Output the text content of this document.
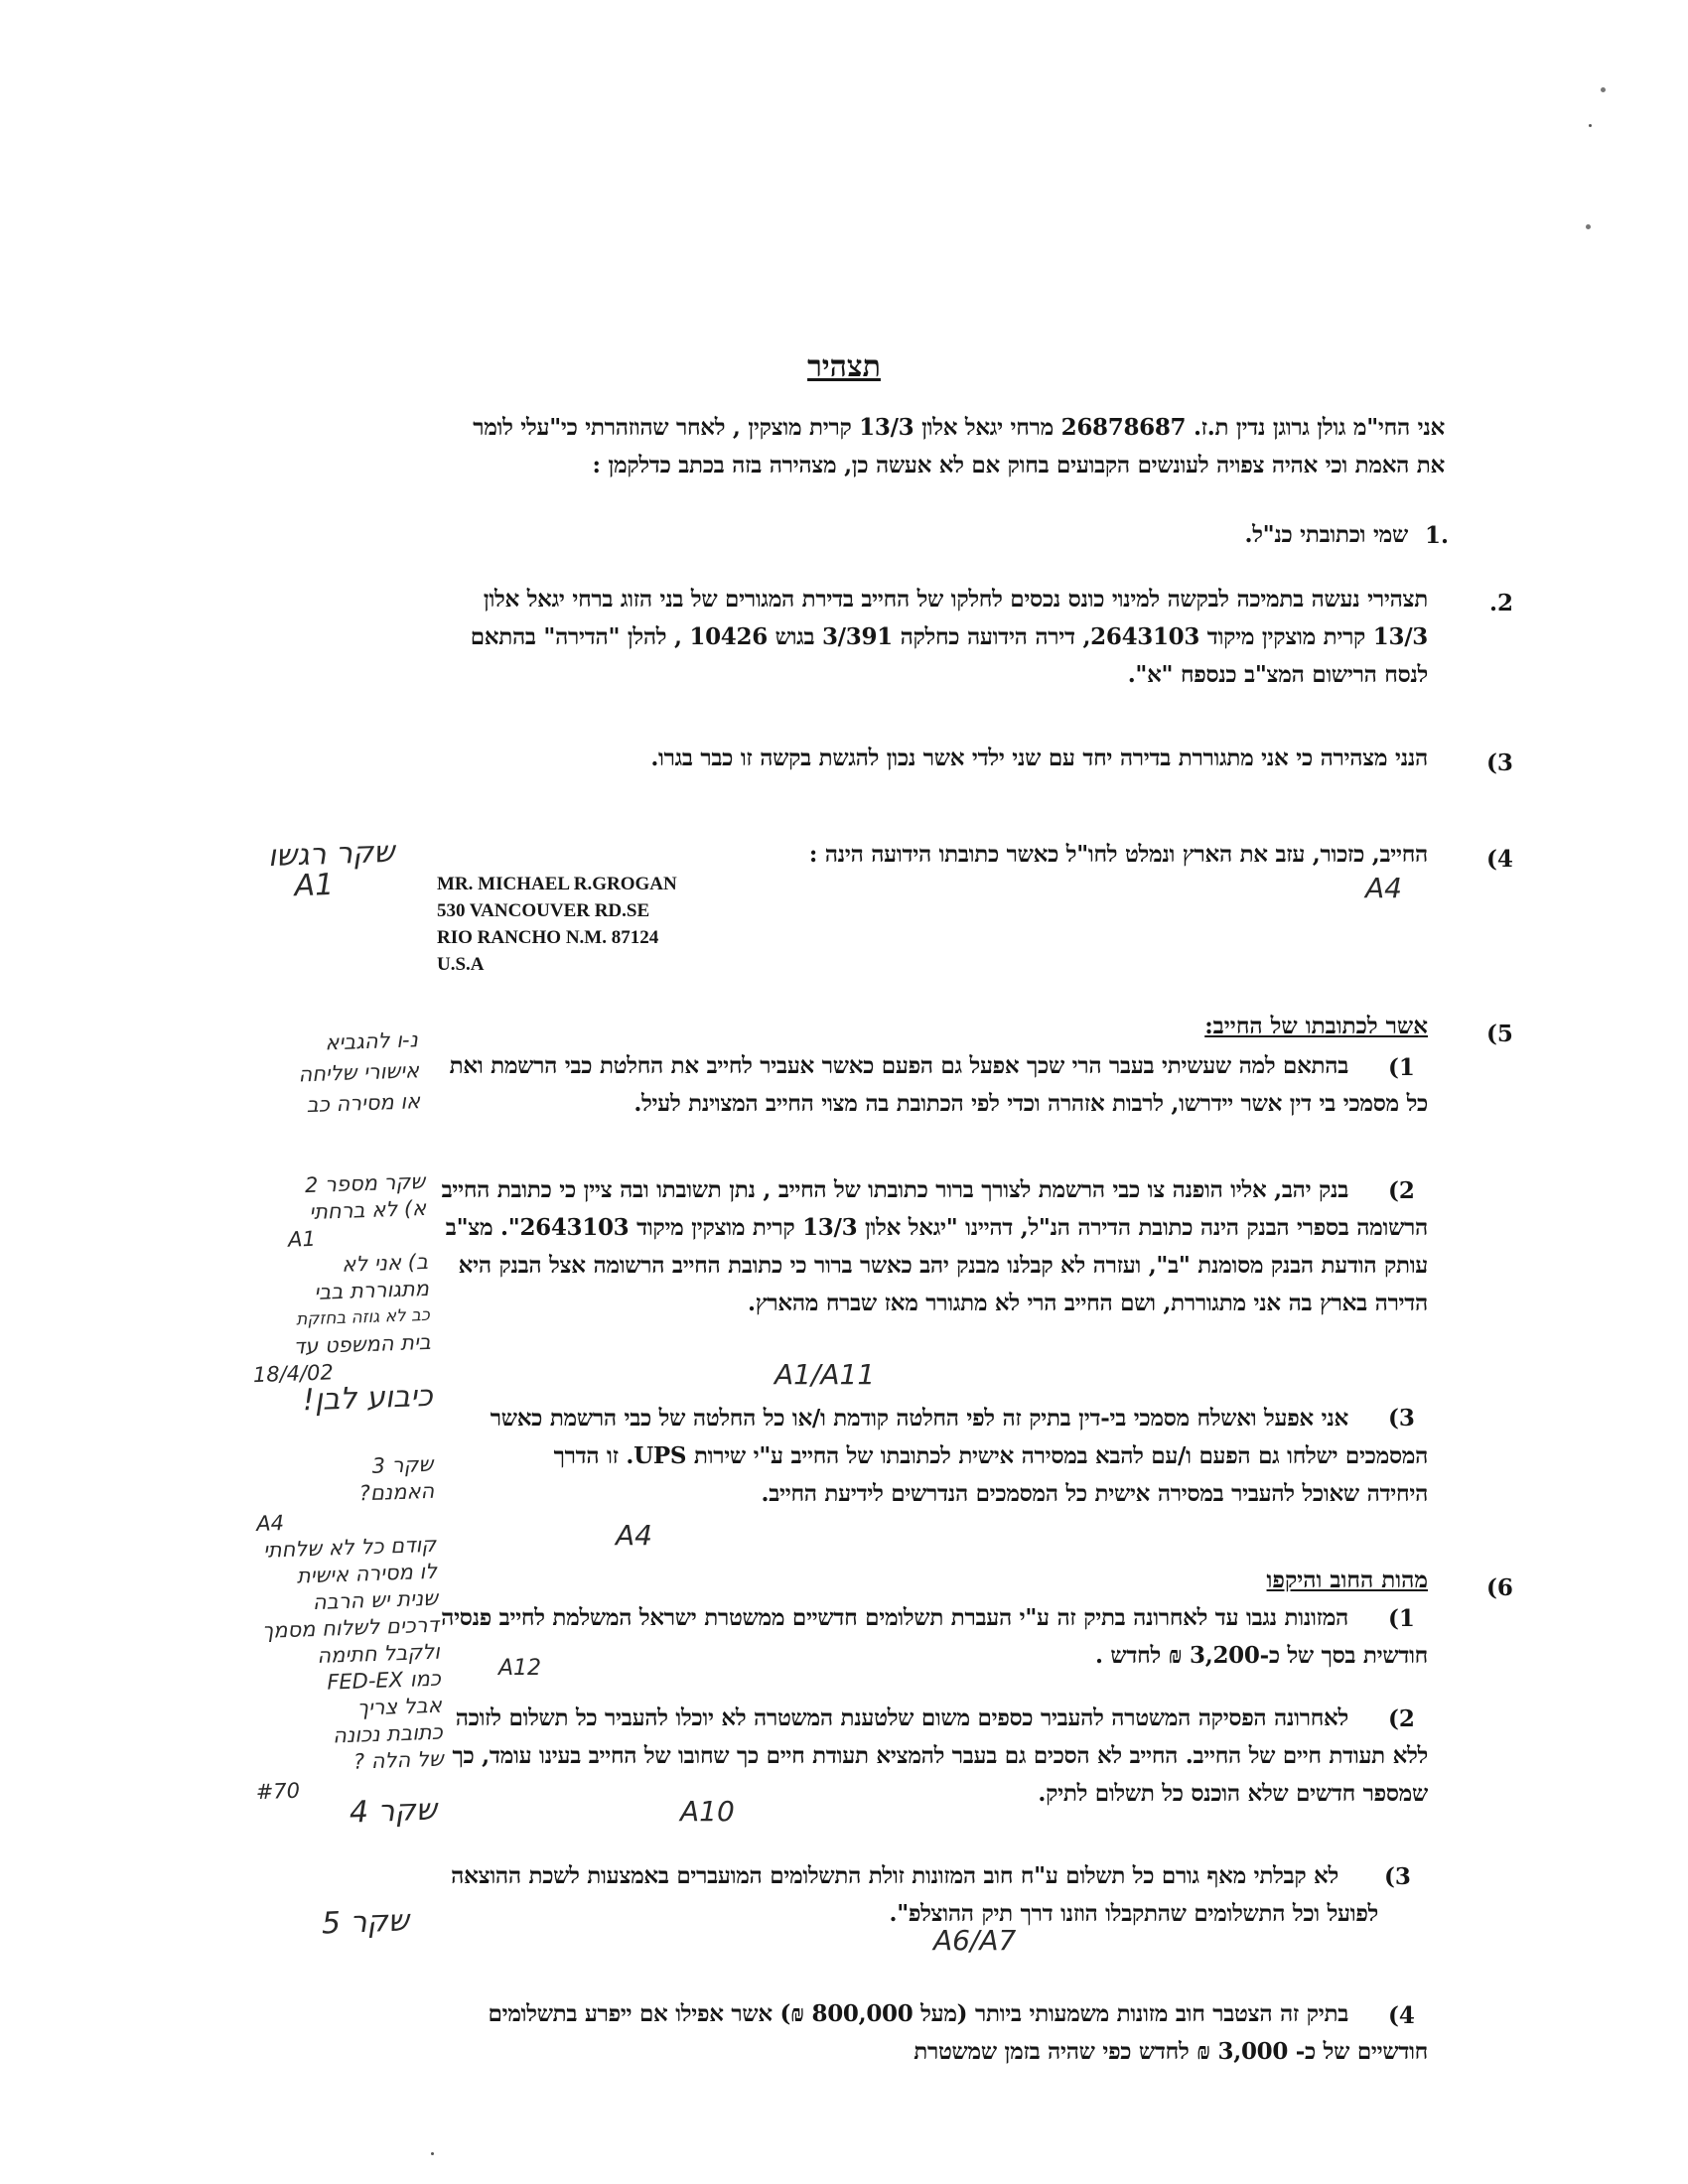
תצהיר
אני החי"מ גולן גרוגן נדין ת.ז. 26878687 מרחי יגאל אלון 13/3 קרית מוצקין , לאחר שהוזהרתי כי"עלי לומר את האמת וכי אהיה צפויה לעונשים הקבועים בחוק אם לא אעשה כן, מצהירה בזה בכתב כדלקמן :
1.
שמי וכתובתי כנ"ל.
.2
תצהירי נעשה בתמיכה לבקשה למינוי כונס נכסים לחלקו של החייב בדירת המגורים של בני הזוג ברחי יגאל אלון 13/3 קרית מוצקין מיקוד 2643103, דירה הידועה כחלקה 3/391 בגוש 10426 , להלן "הדירה" בהתאם לנסח הרישום המצ"ב כנספח "א".
(3
הנני מצהירה כי אני מתגוררת בדירה יחד עם שני ילדי אשר נכון להגשת בקשה זו כבר בגרו.
(4
החייב, כזכור, עזב את הארץ ונמלט לחו"ל כאשר כתובתו הידועה הינה :
MR. MICHAEL R.GROGAN
530 VANCOUVER RD.SE
RIO RANCHO N.M. 87124
U.S.A
A4
(5
אשר לכתובתו של החייב:
(1
בהתאם למה שעשיתי בעבר הרי שכך אפעל גם הפעם כאשר אעביר לחייב את החלטת כבי הרשמת ואת כל מסמכי בי דין אשר יידרשו, לרבות אזהרה וכדי לפי הכתובת בה מצוי החייב המצוינת לעיל.
(2
בנק יהב, אליו הופנה צו כבי הרשמת לצורך ברור כתובתו של החייב , נתן תשובתו ובה ציין כי כתובת החייב הרשומה בספרי הבנק הינה כתובת הדירה הנ"ל, דהיינו "יגאל אלון 13/3 קרית מוצקין מיקוד 2643103". מצ"ב עותק הודעת הבנק מסומנת "ב", ועזרה לא קבלנו מבנק יהב כאשר ברור כי כתובת החייב הרשומה אצל הבנק היא הדירה בארץ בה אני מתגוררת, ושם החייב הרי לא מתגורר מאז שברח מהארץ.
A1/A11
(3
אני אפעל ואשלח מסמכי בי-דין בתיק זה לפי החלטה קודמת ו/או כל החלטה של כבי הרשמת כאשר המסמכים ישלחו גם הפעם ו/עם להבא במסירה אישית לכתובתו של החייב ע"י שירות UPS. זו הדרך היחידה שאוכל להעביר במסירה אישית כל המסמכים הנדרשים לידיעת החייב.
A4
(6
מהות החוב והיקפו
(1
המזונות נגבו עד לאחרונה בתיק זה ע"י העברת תשלומים חדשיים ממשטרת ישראל המשלמת לחייב פנסיה חודשית בסך של כ-3,200 ₪ לחדש .
A12
(2
לאחרונה הפסיקה המשטרה להעביר כספים משום שלטענת המשטרה לא יוכלו להעביר כל תשלום לזוכה ללא תעודת חיים של החייב. החייב לא הסכים גם בעבר להמציא תעודת חיים כך שחובו של החייב בעינו עומד, כך שמספר חדשים שלא הוכנס כל תשלום לתיק.
A10
(3
לא קבלתי מאף גורם כל תשלום ע"ח חוב המזונות זולת התשלומים המועברים באמצעות לשכת ההוצאה לפועל וכל התשלומים שהתקבלו הוזנו דרך תיק ההוצלפ".
A6/A7
(4
בתיק זה הצטבר חוב מזונות משמעותי ביותר (מעל 800,000 ₪) אשר אפילו אם ייפרע בתשלומים חודשיים של כ- 3,000 ₪ לחדש כפי שהיה בזמן שמשטרת
שקר רגשו
A1
נ-ו להגביא
אישורי שליחה
או מסירה כב
שקר מספר 2
א) לא ברחתי
A1
ב) אני לא
מתגוררת בבי
כב לא גוזה בחזקת
בית המשפט עד
18/4/02
כיבוע לבן!
שקר 3
האמנם?
A4
קודם כל לא שלחתי
לו מסירה אישית
שנית יש הרבה
דרכים לשלוח מסמך
ולקבל חתימה
כמו FED-EX
אבל צריך
כתובת נכונה
של הלה ?
#70
שקר 4
שקר 5
